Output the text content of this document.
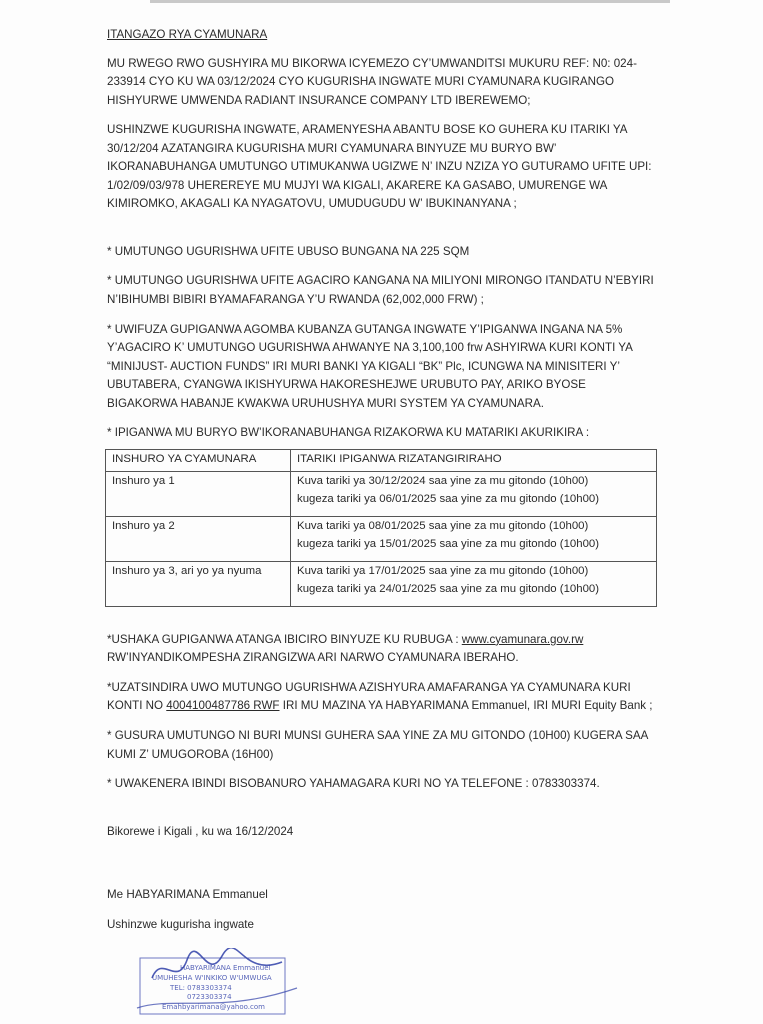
ITANGAZO RYA CYAMUNARA

MU RWEGO RWO GUSHYIRA MU BIKORWA ICYEMEZO CY’UMWANDITSI MUKURU REF: N0: 024-233914 CYO KU WA 03/12/2024 CYO KUGURISHA INGWATE MURI CYAMUNARA KUGIRANGO HISHYURWE UMWENDA RADIANT INSURANCE COMPANY LTD IBEREWEMO;

USHINZWE KUGURISHA INGWATE, ARAMENYESHA ABANTU BOSE KO GUHERA KU ITARIKI YA 30/12/204 AZATANGIRA KUGURISHA MURI CYAMUNARA BINYUZE MU BURYO BW’ IKORANABUHANGA UMUTUNGO UTIMUKANWA UGIZWE N’ INZU NZIZA YO GUTURAMO UFITE UPI: 1/02/09/03/978 UHEREREYE MU MUJYI WA KIGALI, AKARERE KA GASABO, UMURENGE WA KIMIROMKO, AKAGALI KA NYAGATOVU, UMUDUGUDU W’ IBUKINANYANA ;

* UMUTUNGO UGURISHWA UFITE UBUSO BUNGANA NA 225 SQM

* UMUTUNGO UGURISHWA UFITE AGACIRO KANGANA NA MILIYONI MIRONGO ITANDATU N’EBYIRI N’IBIHUMBI BIBIRI BYAMAFARANGA Y’U RWANDA (62,002,000 FRW) ;

* UWIFUZA GUPIGANWA AGOMBA KUBANZA GUTANGA INGWATE Y’IPIGANWA INGANA NA 5% Y’AGACIRO K’ UMUTUNGO UGURISHWA AHWANYE NA 3,100,100 frw ASHYIRWA KURI KONTI YA “MINIJUST- AUCTION FUNDS” IRI MURI BANKI YA KIGALI “BK” Plc, ICUNGWA NA MINISITERI Y’ UBUTABERA, CYANGWA IKISHYURWA HAKORESHEJWE URUBUTO PAY, ARIKO BYOSE BIGAKORWA HABANJE KWAKWA URUHUSHYA MURI SYSTEM YA CYAMUNARA.

* IPIGANWA MU BURYO BW’IKORANABUHANGA RIZAKORWA KU MATARIKI AKURIKIRA :

INSHURO YA CYAMUNARA	ITARIKI IPIGANWA RIZATANGIRIRAHO
Inshuro ya 1	Kuva tariki ya 30/12/2024 saa yine za mu gitondo (10h00)
kugeza tariki ya 06/01/2025 saa yine za mu gitondo (10h00)

Inshuro ya 2	Kuva tariki ya 08/01/2025 saa yine za mu gitondo (10h00)
kugeza tariki ya 15/01/2025 saa yine za mu gitondo (10h00)

Inshuro ya 3, ari yo ya nyuma	Kuva tariki ya 17/01/2025 saa yine za mu gitondo (10h00)
kugeza tariki ya 24/01/2025 saa yine za mu gitondo (10h00)

*USHAKA GUPIGANWA ATANGA IBICIRO BINYUZE KU RUBUGA : www.cyamunara.gov.rw RW’INYANDIKOMPESHA ZIRANGIZWA ARI NARWO CYAMUNARA IBERAHO.

*UZATSINDIRA UWO MUTUNGO UGURISHWA AZISHYURA AMAFARANGA YA CYAMUNARA KURI KONTI NO 4004100487786 RWF IRI MU MAZINA YA HABYARIMANA Emmanuel, IRI MURI Equity Bank ;

* GUSURA UMUTUNGO NI BURI MUNSI GUHERA SAA YINE ZA MU GITONDO (10H00) KUGERA SAA KUMI Z’ UMUGOROBA (16H00)

* UWAKENERA IBINDI BISOBANURO YAHAMAGARA KURI NO YA TELEFONE : 0783303374.

Bikorewe i Kigali , ku wa 16/12/2024

Me HABYARIMANA Emmanuel

Ushinzwe kugurisha ingwate

HABYARIMANA Emmanuel
UMUHESHA W'INKIKO W'UMWUGA
TEL: 0783303374
0723303374
Emahbyarimana@yahoo.com
